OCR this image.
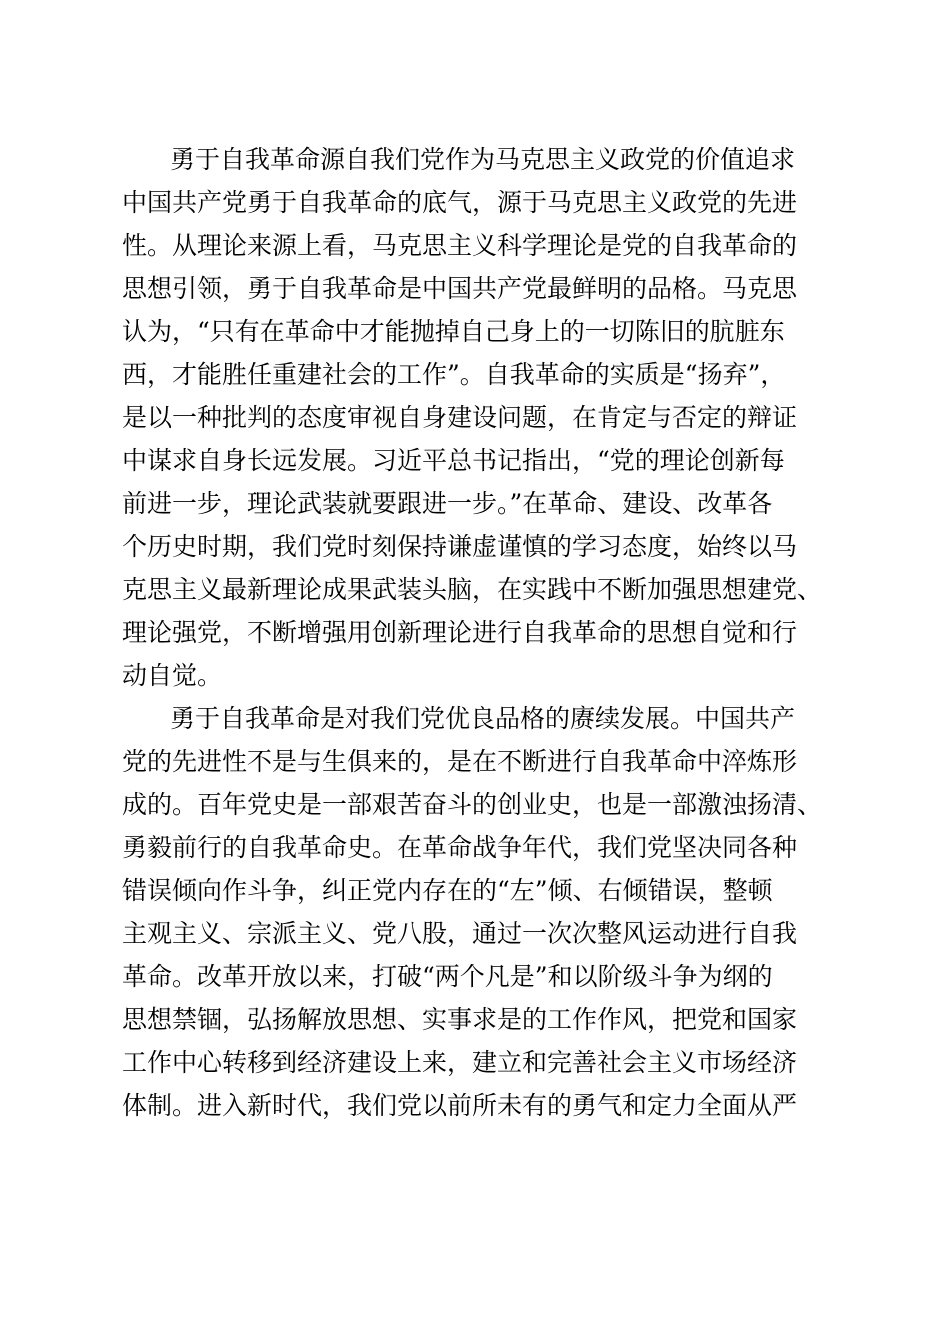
勇于自我革命源自我们党作为马克思主义政党的价值追求
中国共产党勇于自我革命的底气，源于马克思主义政党的先进
性。从理论来源上看，马克思主义科学理论是党的自我革命的
思想引领，勇于自我革命是中国共产党最鲜明的品格。马克思
认为，“只有在革命中才能抛掉自己身上的一切陈旧的肮脏东
西，才能胜任重建社会的工作”。自我革命的实质是“扬弃”，
是以一种批判的态度审视自身建设问题，在肯定与否定的辩证
中谋求自身长远发展。习近平总书记指出，“党的理论创新每
前进一步，理论武装就要跟进一步。”在革命、建设、改革各
个历史时期，我们党时刻保持谦虚谨慎的学习态度，始终以马
克思主义最新理论成果武装头脑，在实践中不断加强思想建党、
理论强党，不断增强用创新理论进行自我革命的思想自觉和行
动自觉。
勇于自我革命是对我们党优良品格的赓续发展。中国共产
党的先进性不是与生俱来的，是在不断进行自我革命中淬炼形
成的。百年党史是一部艰苦奋斗的创业史，也是一部激浊扬清、
勇毅前行的自我革命史。在革命战争年代，我们党坚决同各种
错误倾向作斗争，纠正党内存在的“左”倾、右倾错误，整顿
主观主义、宗派主义、党八股，通过一次次整风运动进行自我
革命。改革开放以来，打破“两个凡是”和以阶级斗争为纲的
思想禁锢，弘扬解放思想、实事求是的工作作风，把党和国家
工作中心转移到经济建设上来，建立和完善社会主义市场经济
体制。进入新时代，我们党以前所未有的勇气和定力全面从严
